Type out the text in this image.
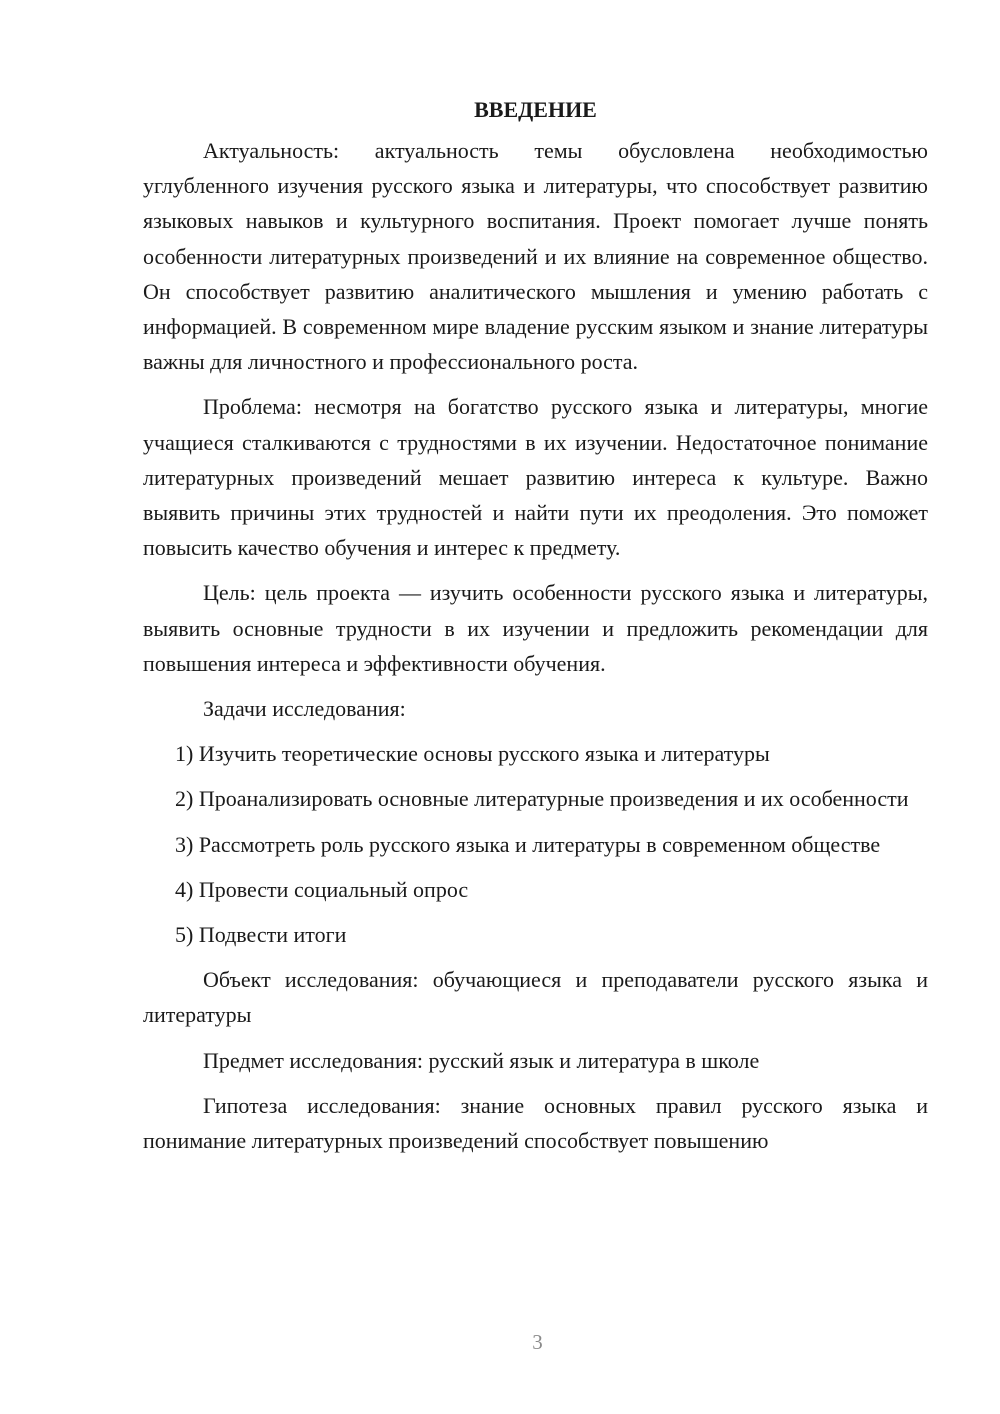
ВВЕДЕНИЕ

Актуальность: актуальность темы обусловлена необходимостью углубленного изучения русского языка и литературы, что способствует развитию языковых навыков и культурного воспитания. Проект помогает лучше понять особенности литературных произведений и их влияние на современное общество. Он способствует развитию аналитического мышления и умению работать с информацией. В современном мире владение русским языком и знание литературы важны для личностного и профессионального роста.

Проблема: несмотря на богатство русского языка и литературы, многие учащиеся сталкиваются с трудностями в их изучении. Недостаточное понимание литературных произведений мешает развитию интереса к культуре. Важно выявить причины этих трудностей и найти пути их преодоления. Это поможет повысить качество обучения и интерес к предмету.

Цель: цель проекта — изучить особенности русского языка и литературы, выявить основные трудности в их изучении и предложить рекомендации для повышения интереса и эффективности обучения.

Задачи исследования:

1) Изучить теоретические основы русского языка и литературы

2) Проанализировать основные литературные произведения и их особенности

3) Рассмотреть роль русского языка и литературы в современном обществе

4) Провести социальный опрос

5) Подвести итоги

Объект исследования: обучающиеся и преподаватели русского языка и литературы

Предмет исследования: русский язык и литература в школе

Гипотеза исследования: знание основных правил русского языка и понимание литературных произведений способствует повышению

3
